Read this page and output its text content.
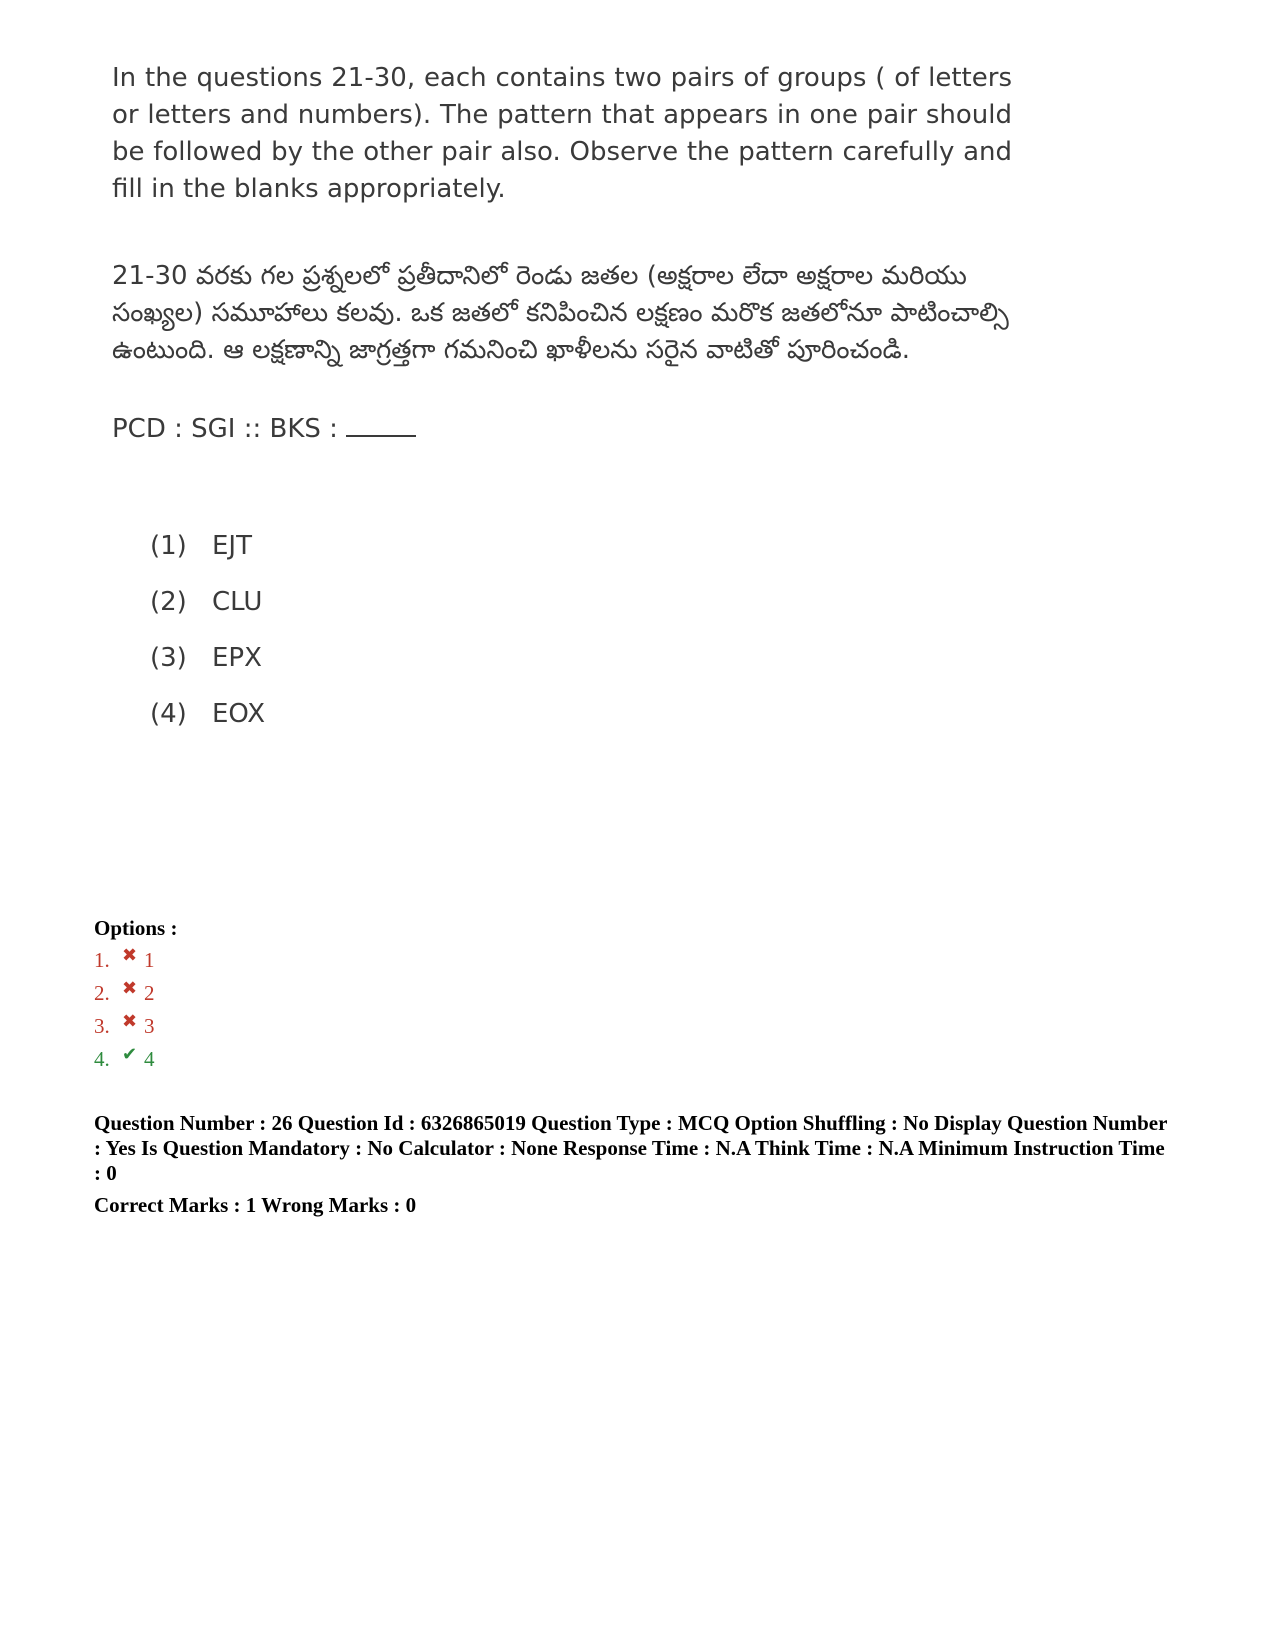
In the questions 21-30, each contains two pairs of groups ( of letters or letters and numbers). The pattern that appears in one pair should be followed by the other pair also. Observe the pattern carefully and fill in the blanks appropriately.

21-30 వరకు గల ప్రశ్నలలో ప్రతీదానిలో రెండు జతల (అక్షరాల లేదా అక్షరాల మరియు సంఖ్యల) సమూహాలు కలవు. ఒక జతలో కనిపించిన లక్షణం మరొక జతలోనూ పాటించాల్సి ఉంటుంది. ఆ లక్షణాన్ని జాగ్రత్తగా గమనించి ఖాళీలను సరైన వాటితో పూరించండి.

PCD : SGI :: BKS :

(1) EJT
(2) CLU
(3) EPX
(4) EOX

Options :

1. ✖ 1
2. ✖ 2
3. ✖ 3
4. ✔ 4
Question Number : 26 Question Id : 6326865019 Question Type : MCQ Option Shuffling : No Display Question Number : Yes Is Question Mandatory : No Calculator : None Response Time : N.A Think Time : N.A Minimum Instruction Time : 0
Correct Marks : 1 Wrong Marks : 0
